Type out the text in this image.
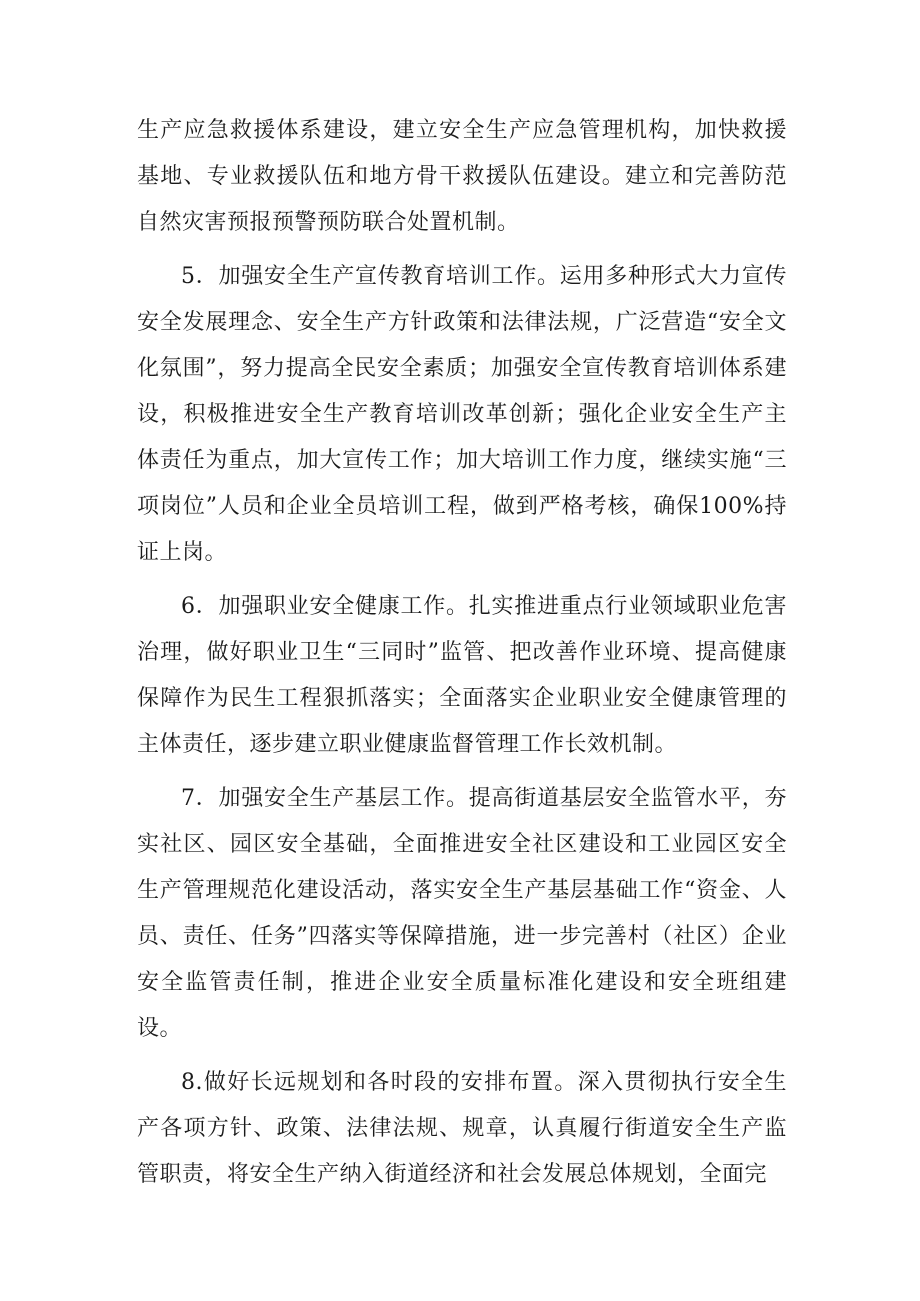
生产应急救援体系建设，建立安全生产应急管理机构，加快救援基地、专业救援队伍和地方骨干救援队伍建设。建立和完善防范自然灾害预报预警预防联合处置机制。

5．加强安全生产宣传教育培训工作。运用多种形式大力宣传安全发展理念、安全生产方针政策和法律法规，广泛营造“安全文化氛围”，努力提高全民安全素质；加强安全宣传教育培训体系建设，积极推进安全生产教育培训改革创新；强化企业安全生产主体责任为重点，加大宣传工作；加大培训工作力度，继续实施“三项岗位”人员和企业全员培训工程，做到严格考核，确保100%持证上岗。

6．加强职业安全健康工作。扎实推进重点行业领域职业危害治理，做好职业卫生“三同时”监管、把改善作业环境、提高健康保障作为民生工程狠抓落实；全面落实企业职业安全健康管理的主体责任，逐步建立职业健康监督管理工作长效机制。

7．加强安全生产基层工作。提高街道基层安全监管水平，夯实社区、园区安全基础，全面推进安全社区建设和工业园区安全生产管理规范化建设活动，落实安全生产基层基础工作“资金、人员、责任、任务”四落实等保障措施，进一步完善村（社区）企业安全监管责任制，推进企业安全质量标准化建设和安全班组建设。

8.做好长远规划和各时段的安排布置。深入贯彻执行安全生产各项方针、政策、法律法规、规章，认真履行街道安全生产监管职责，将安全生产纳入街道经济和社会发展总体规划，全面完
